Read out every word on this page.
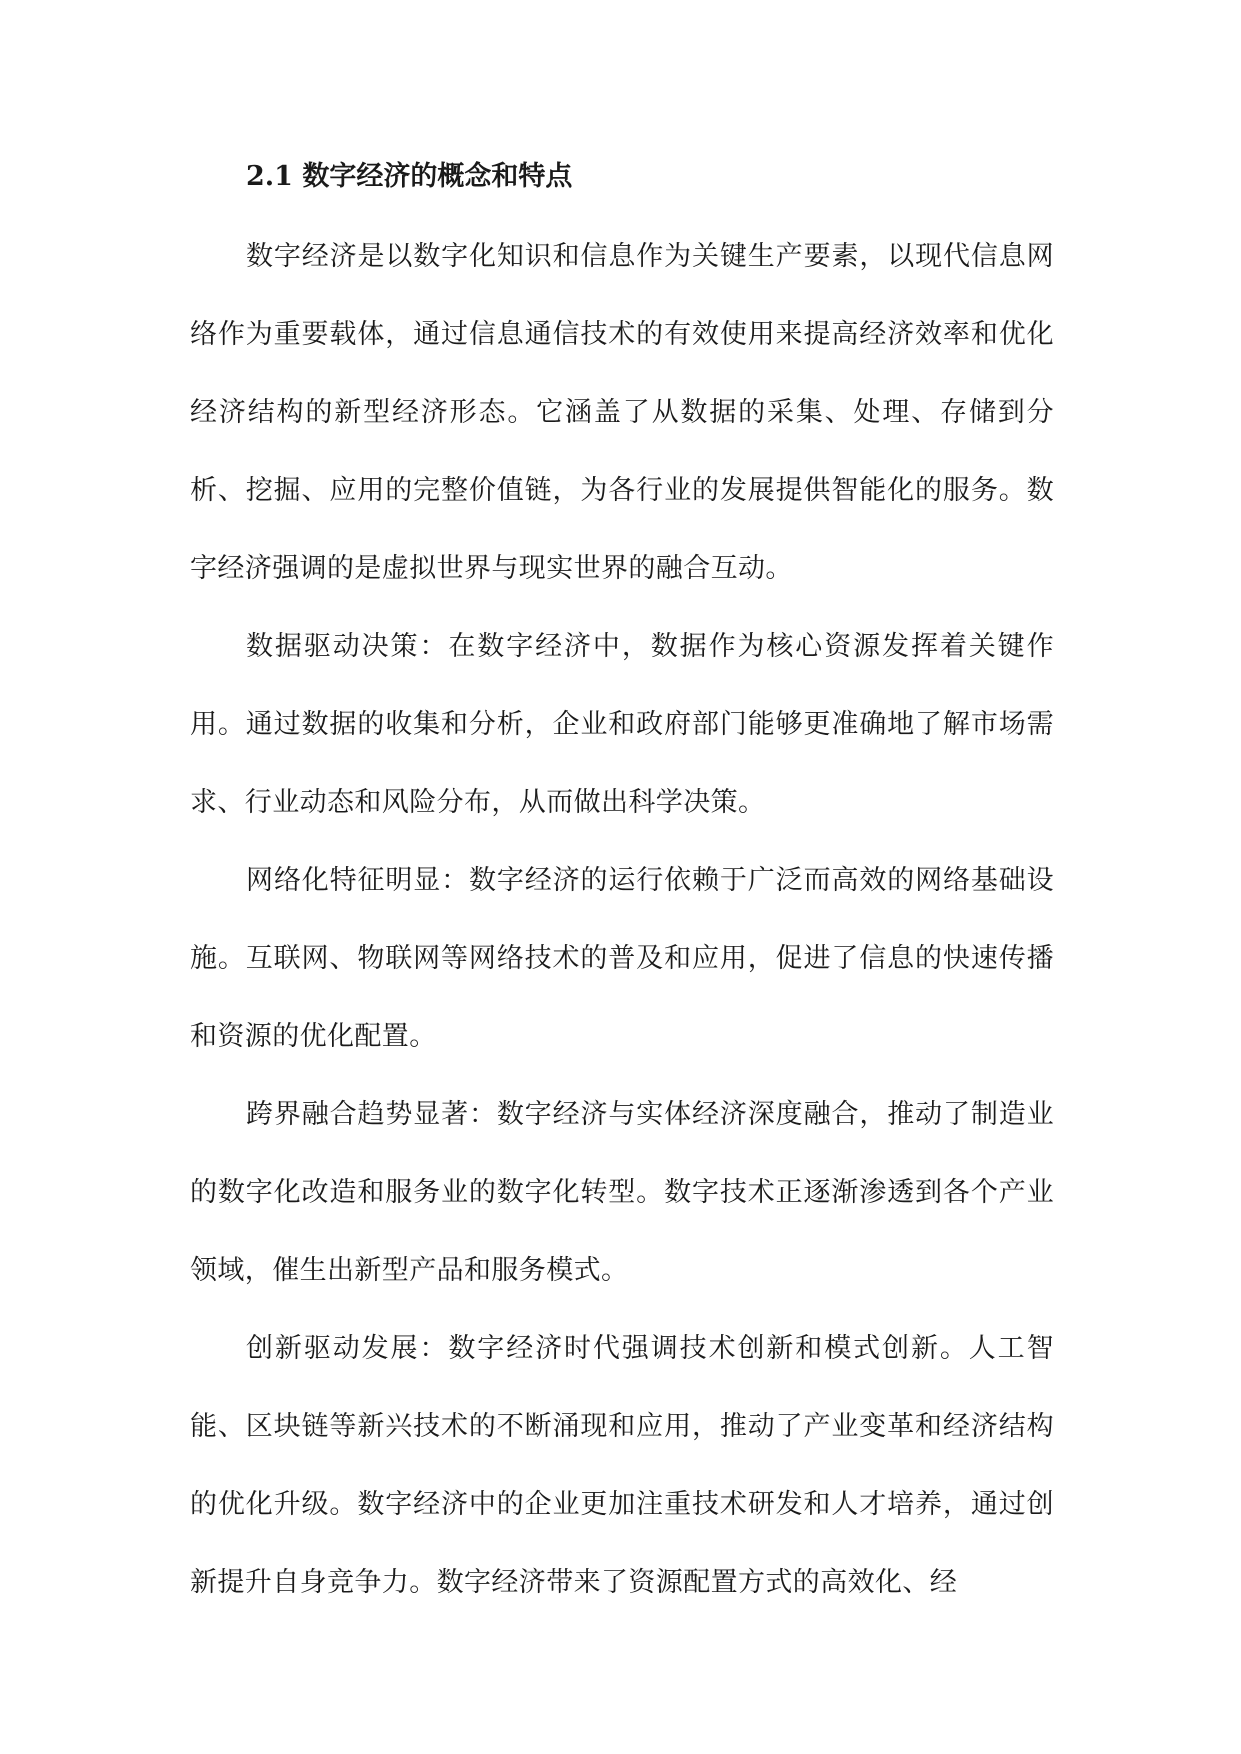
2.1 数字经济的概念和特点

数字经济是以数字化知识和信息作为关键生产要素，以现代信息网络作为重要载体，通过信息通信技术的有效使用来提高经济效率和优化经济结构的新型经济形态。它涵盖了从数据的采集、处理、存储到分析、挖掘、应用的完整价值链，为各行业的发展提供智能化的服务。数字经济强调的是虚拟世界与现实世界的融合互动。

数据驱动决策：在数字经济中，数据作为核心资源发挥着关键作用。通过数据的收集和分析，企业和政府部门能够更准确地了解市场需求、行业动态和风险分布，从而做出科学决策。

网络化特征明显：数字经济的运行依赖于广泛而高效的网络基础设施。互联网、物联网等网络技术的普及和应用，促进了信息的快速传播和资源的优化配置。

跨界融合趋势显著：数字经济与实体经济深度融合，推动了制造业的数字化改造和服务业的数字化转型。数字技术正逐渐渗透到各个产业领域，催生出新型产品和服务模式。

创新驱动发展：数字经济时代强调技术创新和模式创新。人工智能、区块链等新兴技术的不断涌现和应用，推动了产业变革和经济结构的优化升级。数字经济中的企业更加注重技术研发和人才培养，通过创新提升自身竞争力。数字经济带来了资源配置方式的高效化、经
